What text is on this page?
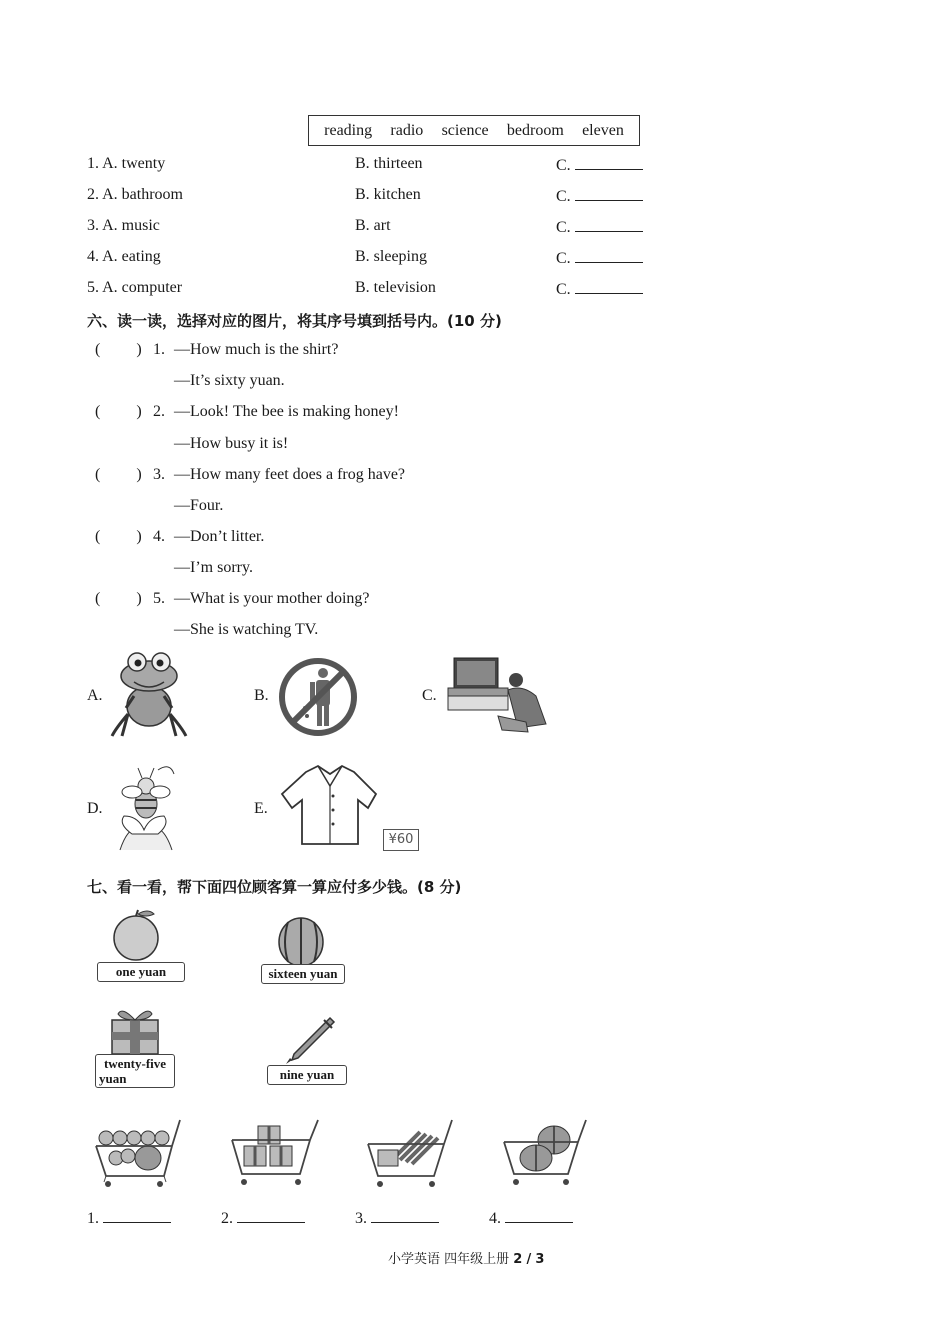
reading radio science bedroom eleven
1. A. twenty	B. thirteen	C.
2. A. bathroom	B. kitchen	C.
3. A. music	B. art	C.
4. A. eating	B. sleeping	C.
5. A. computer	B. television	C.
六、读一读，选择对应的图片，将其序号填到括号内。(10 分)
( ) 1. —How much is the shirt?
—It’s sixty yuan.
( ) 2. —Look! The bee is making honey!
—How busy it is!
( ) 3. —How many feet does a frog have?
—Four.
( ) 4. —Don’t litter.
—I’m sorry.
( ) 5. —What is your mother doing?
—She is watching TV.
A.	B.	C.
D.	E.
¥60
七、看一看，帮下面四位顾客算一算应付多少钱。(8 分)
one yuan	sixteen yuan
twenty-five
yuan	nine yuan
1.	2.	3.	4.
小学英语 四年级上册 2 / 3
